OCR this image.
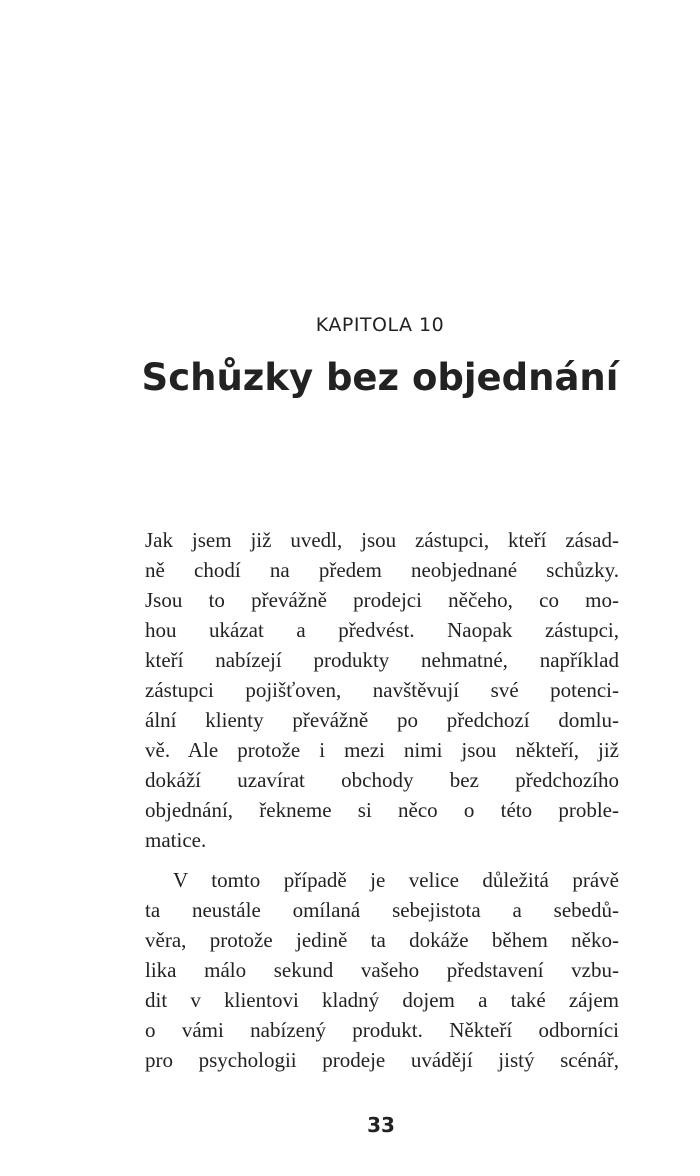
KAPITOLA 10
Schůzky bez objednání
Jak jsem již uvedl, jsou zástupci, kteří zásad-
ně chodí na předem neobjednané schůzky.
Jsou to převážně prodejci něčeho, co mo-
hou ukázat a předvést. Naopak zástupci,
kteří nabízejí produkty nehmatné, například
zástupci pojišťoven, navštěvují své potenci-
ální klienty převážně po předchozí domlu-
vě. Ale protože i mezi nimi jsou někteří, již
dokáží uzavírat obchody bez předchozího
objednání, řekneme si něco o této proble-
matice.
V tomto případě je velice důležitá právě
ta neustále omílaná sebejistota a sebedů-
věra, protože jedině ta dokáže během něko-
lika málo sekund vašeho představení vzbu-
dit v klientovi kladný dojem a také zájem
o vámi nabízený produkt. Někteří odborníci
pro psychologii prodeje uvádějí jistý scénář,
33
